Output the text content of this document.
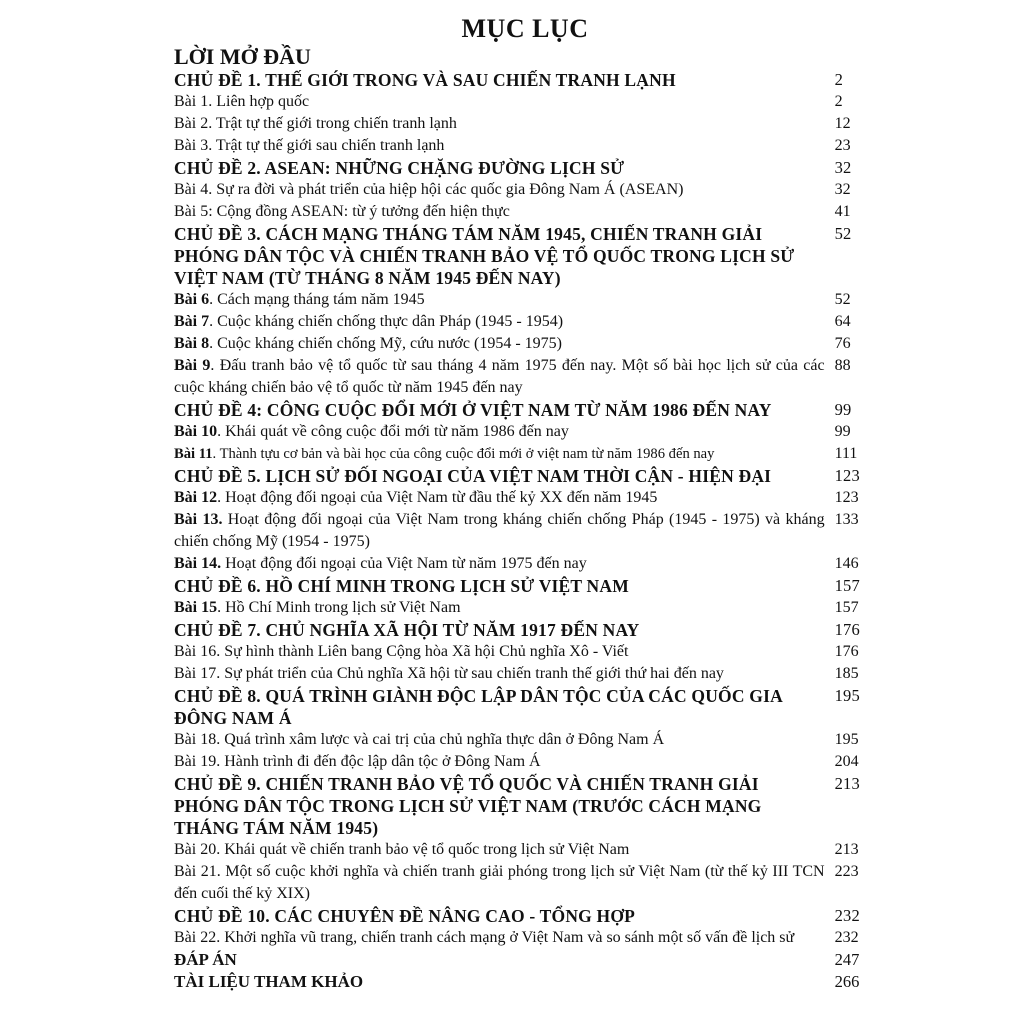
MỤC LỤC
LỜI MỞ ĐẦU
CHỦ ĐỀ 1. THẾ GIỚI TRONG VÀ SAU CHIẾN TRANH LẠNH	2
Bài 1. Liên hợp quốc	2
Bài 2. Trật tự thế giới trong chiến tranh lạnh	12
Bài 3. Trật tự thế giới sau chiến tranh lạnh	23
CHỦ ĐỀ 2. ASEAN: NHỮNG CHẶNG ĐƯỜNG LỊCH SỬ	32
Bài 4. Sự ra đời và phát triển của hiệp hội các quốc gia Đông Nam Á (ASEAN)	32
Bài 5: Cộng đồng ASEAN: từ ý tưởng đến hiện thực	41
CHỦ ĐỀ 3. CÁCH MẠNG THÁNG TÁM NĂM 1945, CHIẾN TRANH GIẢI PHÓNG DÂN TỘC VÀ CHIẾN TRANH BẢO VỆ TỔ QUỐC TRONG LỊCH SỬ VIỆT NAM (TỪ THÁNG 8 NĂM 1945 ĐẾN NAY)
52
Bài 6. Cách mạng tháng tám năm 1945	52
Bài 7. Cuộc kháng chiến chống thực dân Pháp (1945 - 1954)	64
Bài 8. Cuộc kháng chiến chống Mỹ, cứu nước (1954 - 1975)	76
Bài 9. Đấu tranh bảo vệ tổ quốc từ sau tháng 4 năm 1975 đến nay. Một số bài học lịch sử của các cuộc kháng chiến bảo vệ tổ quốc từ năm 1945 đến nay
88
CHỦ ĐỀ 4: CÔNG CUỘC ĐỔI MỚI Ở VIỆT NAM TỪ NĂM 1986 ĐẾN NAY	99
Bài 10. Khái quát về công cuộc đổi mới từ năm 1986 đến nay	99
Bài 11. Thành tựu cơ bản và bài học của công cuộc đổi mới ở việt nam từ năm 1986 đến nay	111
CHỦ ĐỀ 5. LỊCH SỬ ĐỐI NGOẠI CỦA VIỆT NAM THỜI CẬN - HIỆN ĐẠI	123
Bài 12. Hoạt động đối ngoại của Việt Nam từ đầu thế kỷ XX đến năm 1945	123
Bài 13. Hoạt động đối ngoại của Việt Nam trong kháng chiến chống Pháp (1945 - 1975) và kháng chiến chống Mỹ (1954 - 1975)
133
Bài 14. Hoạt động đối ngoại của Việt Nam từ năm 1975 đến nay	146
CHỦ ĐỀ 6. HỒ CHÍ MINH TRONG LỊCH SỬ VIỆT NAM	157
Bài 15. Hồ Chí Minh trong lịch sử Việt Nam	157
CHỦ ĐỀ 7. CHỦ NGHĨA XÃ HỘI TỪ NĂM 1917 ĐẾN NAY	176
Bài 16. Sự hình thành Liên bang Cộng hòa Xã hội Chủ nghĩa Xô - Viết	176
Bài 17. Sự phát triển của Chủ nghĩa Xã hội từ sau chiến tranh thế giới thứ hai đến nay	185
CHỦ ĐỀ 8. QUÁ TRÌNH GIÀNH ĐỘC LẬP DÂN TỘC CỦA CÁC QUỐC GIA ĐÔNG NAM Á
195
Bài 18. Quá trình xâm lược và cai trị của chủ nghĩa thực dân ở Đông Nam Á	195
Bài 19. Hành trình đi đến độc lập dân tộc ở Đông Nam Á	204
CHỦ ĐỀ 9. CHIẾN TRANH BẢO VỆ TỔ QUỐC VÀ CHIẾN TRANH GIẢI PHÓNG DÂN TỘC TRONG LỊCH SỬ VIỆT NAM (TRƯỚC CÁCH MẠNG THÁNG TÁM NĂM 1945)
213
Bài 20. Khái quát về chiến tranh bảo vệ tổ quốc trong lịch sử Việt Nam	213
Bài 21. Một số cuộc khởi nghĩa và chiến tranh giải phóng trong lịch sử Việt Nam (từ thế kỷ III TCN đến cuối thế kỷ XIX)
223
CHỦ ĐỀ 10. CÁC CHUYÊN ĐỀ NÂNG CAO - TỔNG HỢP	232
Bài 22. Khởi nghĩa vũ trang, chiến tranh cách mạng ở Việt Nam và so sánh một số vấn đề lịch sử	232
ĐÁP ÁN	247
TÀI LIỆU THAM KHẢO	266
